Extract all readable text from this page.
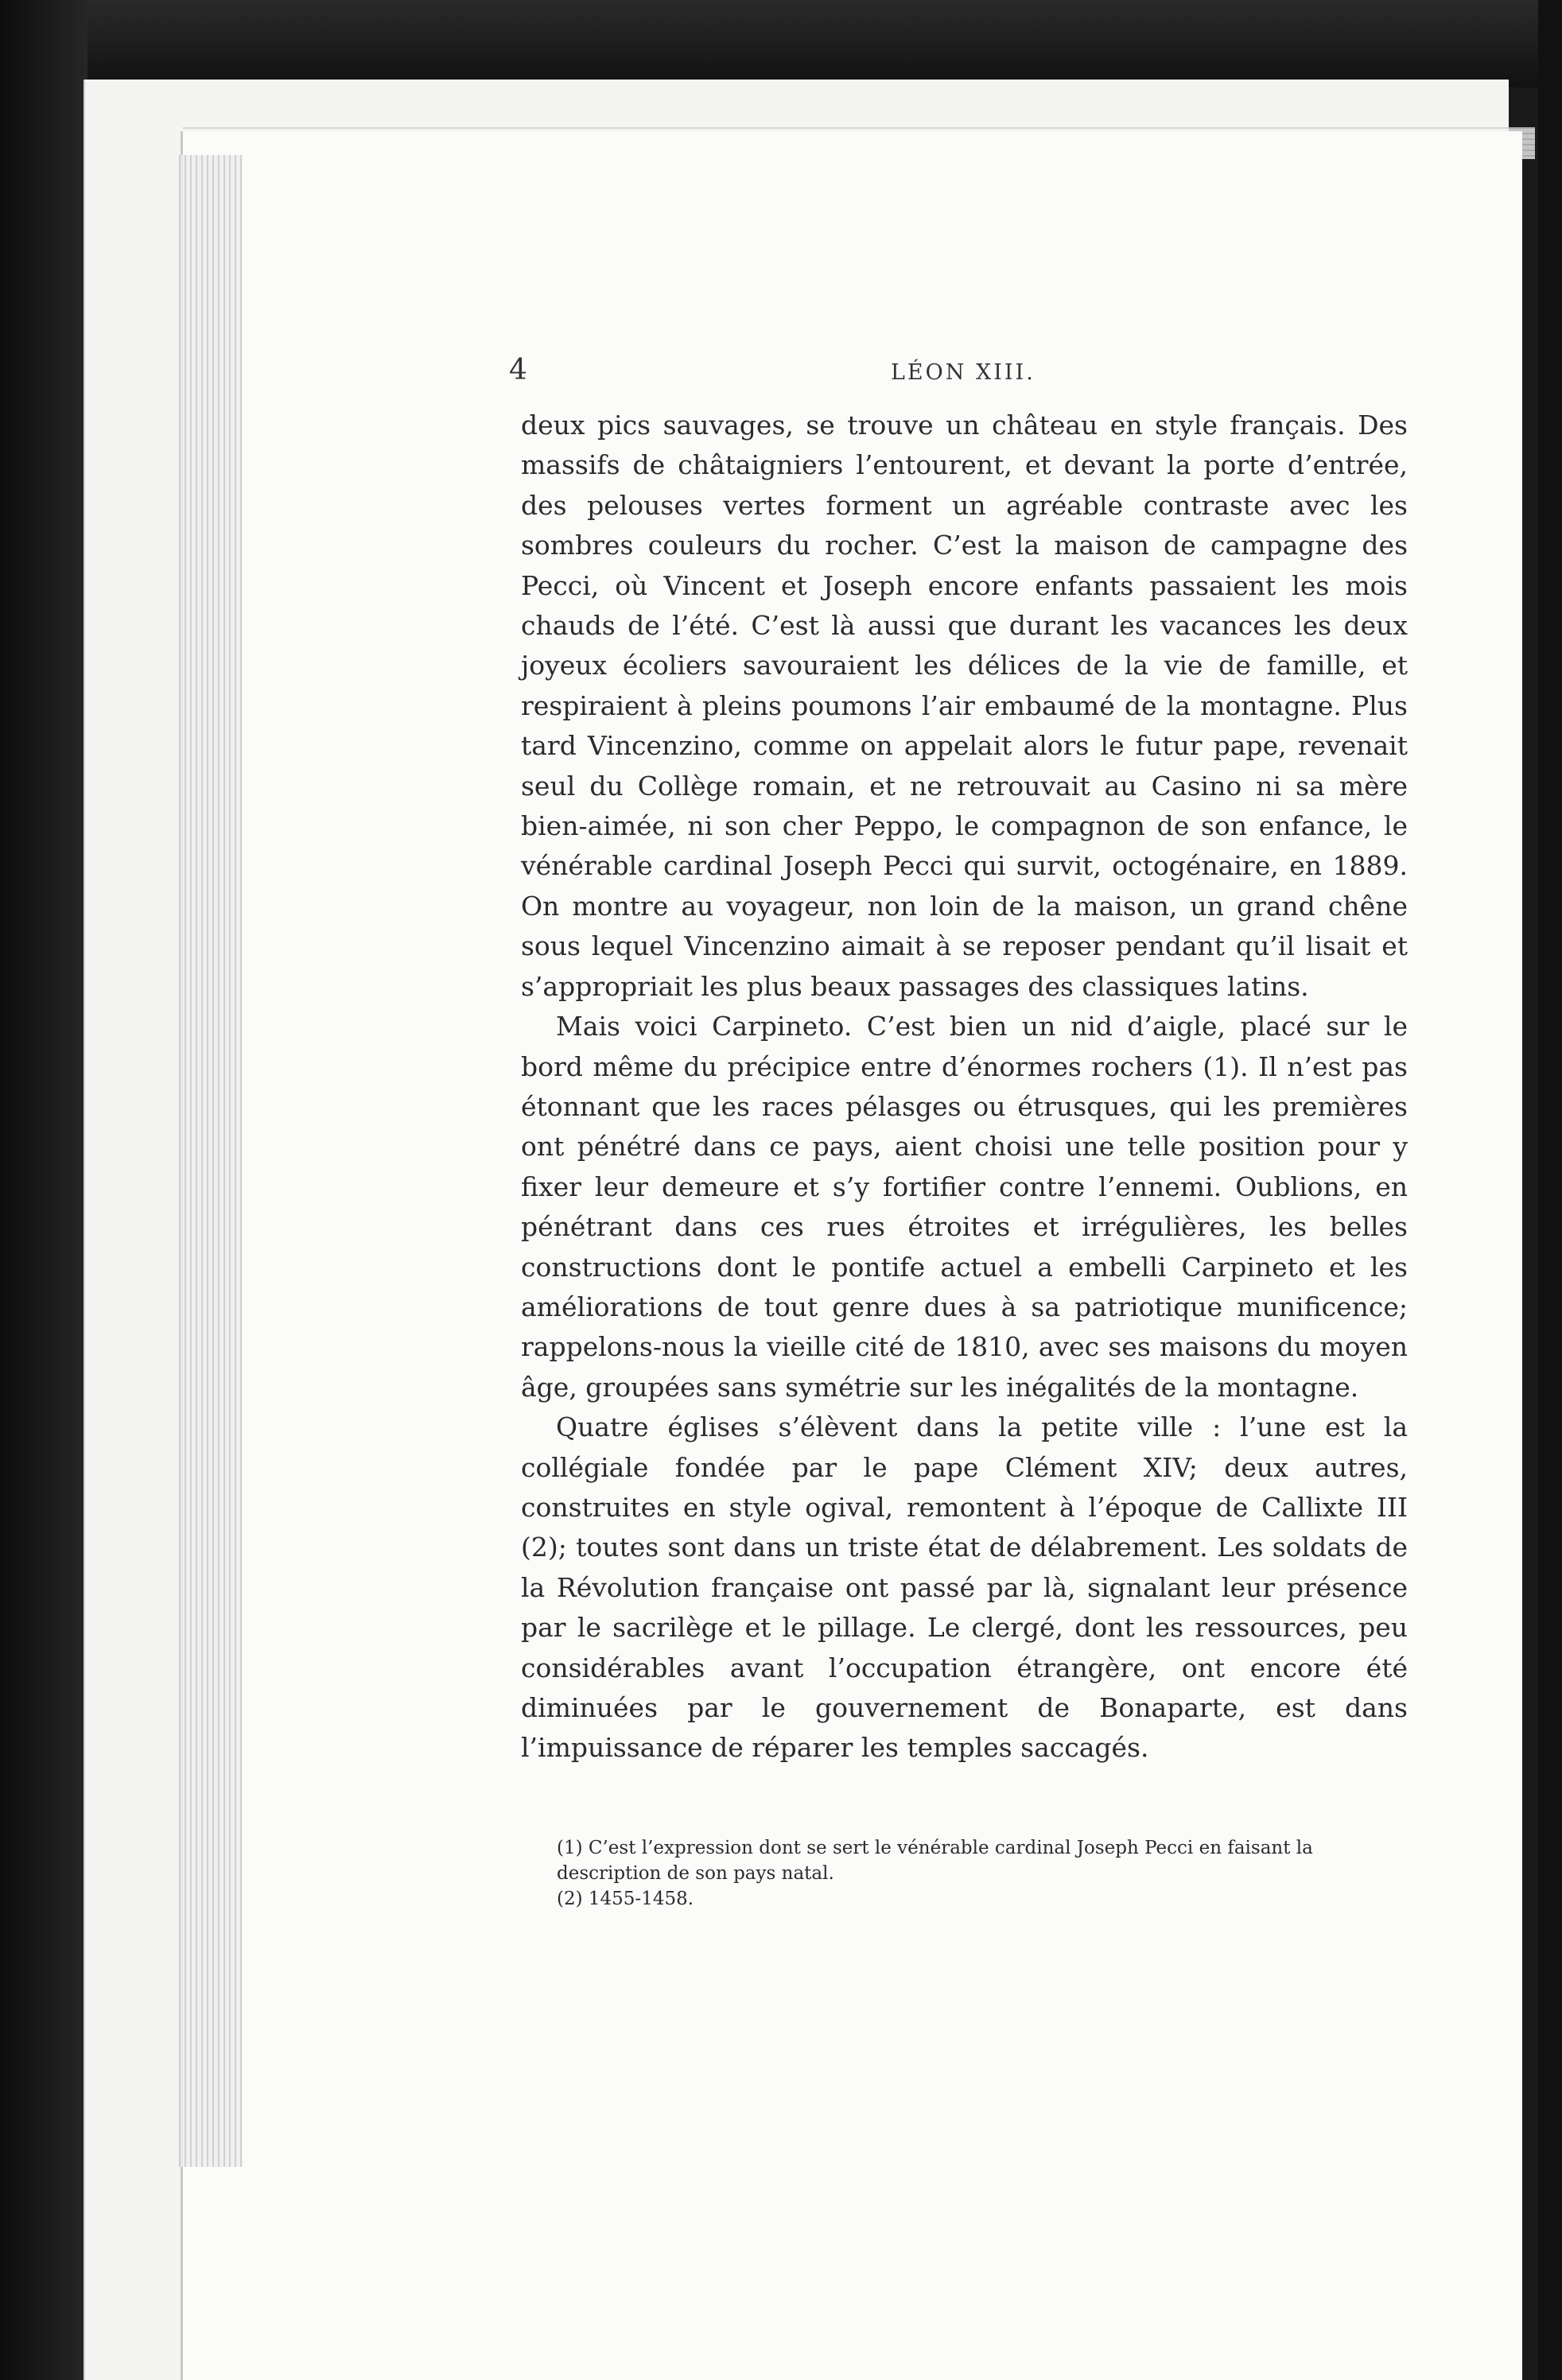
4	LÉON XIII.

deux pics sauvages, se trouve un château en style français. Des massifs de châtaigniers l’entourent, et devant la porte d’entrée, des pelouses vertes forment un agréable contraste avec les sombres couleurs du rocher. C’est la maison de campagne des Pecci, où Vincent et Joseph encore enfants passaient les mois chauds de l’été. C’est là aussi que durant les vacances les deux joyeux écoliers savouraient les délices de la vie de famille, et respiraient à pleins poumons l’air embaumé de la montagne. Plus tard Vincenzino, comme on appelait alors le futur pape, revenait seul du Collège romain, et ne retrouvait au Casino ni sa mère bien-aimée, ni son cher Peppo, le compagnon de son enfance, le vénérable cardinal Joseph Pecci qui survit, octogénaire, en 1889. On montre au voyageur, non loin de la maison, un grand chêne sous lequel Vincenzino aimait à se reposer pendant qu’il lisait et s’appropriait les plus beaux passages des classiques latins.

Mais voici Carpineto. C’est bien un nid d’aigle, placé sur le bord même du précipice entre d’énormes rochers (1). Il n’est pas étonnant que les races pélasges ou étrusques, qui les premières ont pénétré dans ce pays, aient choisi une telle position pour y fixer leur demeure et s’y fortifier contre l’ennemi. Oublions, en pénétrant dans ces rues étroites et irrégulières, les belles constructions dont le pontife actuel a embelli Carpineto et les améliorations de tout genre dues à sa patriotique munificence; rappelons-nous la vieille cité de 1810, avec ses maisons du moyen âge, groupées sans symétrie sur les inégalités de la montagne.

Quatre églises s’élèvent dans la petite ville : l’une est la collégiale fondée par le pape Clément XIV; deux autres, construites en style ogival, remontent à l’époque de Callixte III (2); toutes sont dans un triste état de délabrement. Les soldats de la Révolution française ont passé par là, signalant leur présence par le sacrilège et le pillage. Le clergé, dont les ressources, peu considérables avant l’occupation étrangère, ont encore été diminuées par le gouvernement de Bonaparte, est dans l’impuissance de réparer les temples saccagés.

(1) C’est l’expression dont se sert le vénérable cardinal Joseph Pecci en faisant la description de son pays natal.

(2) 1455-1458.
